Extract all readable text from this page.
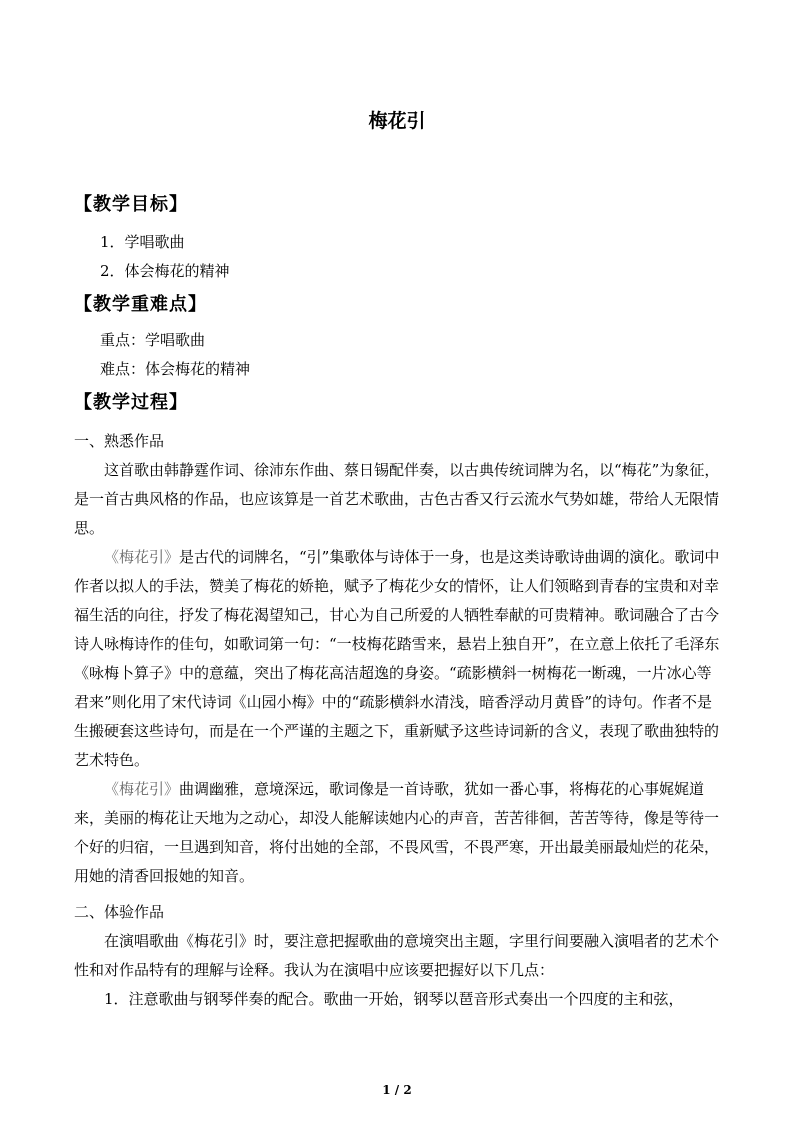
梅花引
【教学目标】
1．学唱歌曲
2．体会梅花的精神
【教学重难点】
重点：学唱歌曲
难点：体会梅花的精神
【教学过程】
一、熟悉作品

这首歌由韩静霆作词、徐沛东作曲、蔡日锡配伴奏，以古典传统词牌为名，以“梅花”为象征，是一首古典风格的作品，也应该算是一首艺术歌曲，古色古香又行云流水气势如雄，带给人无限情思。

《梅花引》是古代的词牌名，“引”集歌体与诗体于一身，也是这类诗歌诗曲调的演化。歌词中作者以拟人的手法，赞美了梅花的娇艳，赋予了梅花少女的情怀，让人们领略到青春的宝贵和对幸福生活的向往，抒发了梅花渴望知己，甘心为自己所爱的人牺牲奉献的可贵精神。歌词融合了古今诗人咏梅诗作的佳句，如歌词第一句：“一枝梅花踏雪来，悬岩上独自开”，在立意上依托了毛泽东《咏梅卜算子》中的意蕴，突出了梅花高洁超逸的身姿。“疏影横斜一树梅花一断魂，一片冰心等君来”则化用了宋代诗词《山园小梅》中的“疏影横斜水清浅，暗香浮动月黄昏”的诗句。作者不是生搬硬套这些诗句，而是在一个严谨的主题之下，重新赋予这些诗词新的含义，表现了歌曲独特的艺术特色。

《梅花引》曲调幽雅，意境深远，歌词像是一首诗歌，犹如一番心事，将梅花的心事娓娓道来，美丽的梅花让天地为之动心，却没人能解读她内心的声音，苦苦徘徊，苦苦等待，像是等待一个好的归宿，一旦遇到知音，将付出她的全部，不畏风雪，不畏严寒，开出最美丽最灿烂的花朵，用她的清香回报她的知音。

二、体验作品

在演唱歌曲《梅花引》时，要注意把握歌曲的意境突出主题，字里行间要融入演唱者的艺术个性和对作品特有的理解与诠释。我认为在演唱中应该要把握好以下几点：

1．注意歌曲与钢琴伴奏的配合。歌曲一开始，钢琴以琶音形式奏出一个四度的主和弦，

1 / 2
